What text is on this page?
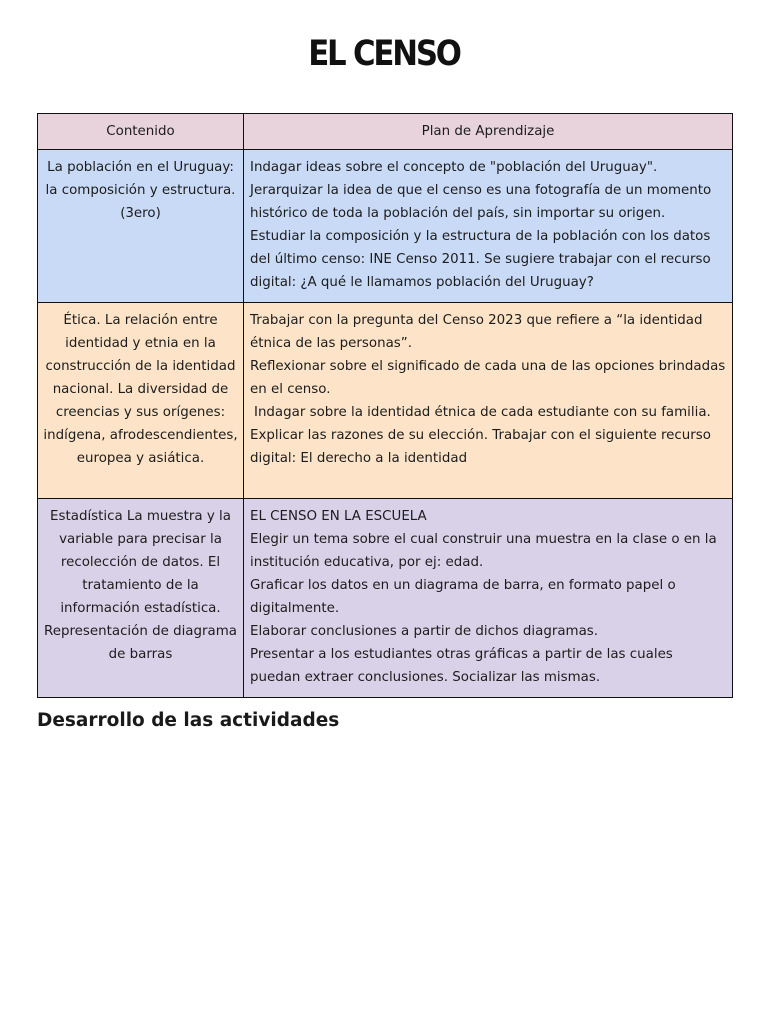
EL CENSO
Contenido	Plan de Aprendizaje
La población en el Uruguay: la composición y estructura. (3ero)	Indagar ideas sobre el concepto de "población del Uruguay".
Jerarquizar la idea de que el censo es una fotografía de un momento histórico de toda la población del país, sin importar su origen.
Estudiar la composición y la estructura de la población con los datos del último censo: INE Censo 2011. Se sugiere trabajar con el recurso digital: ¿A qué le llamamos población del Uruguay?

Ética. La relación entre identidad y etnia en la construcción de la identidad nacional. La diversidad de creencias y sus orígenes: indígena, afrodescendientes, europea y asiática.	Trabajar con la pregunta del Censo 2023 que refiere a “la identidad étnica de las personas”.
Reflexionar sobre el significado de cada una de las opciones brindadas en el censo.
Indagar sobre la identidad étnica de cada estudiante con su familia.
Explicar las razones de su elección. Trabajar con el siguiente recurso digital: El derecho a la identidad

Estadística La muestra y la variable para precisar la recolección de datos. El tratamiento de la información estadística. Representación de diagrama de barras	EL CENSO EN LA ESCUELA
Elegir un tema sobre el cual construir una muestra en la clase o en la institución educativa, por ej: edad.
Graficar los datos en un diagrama de barra, en formato papel o digitalmente.
Elaborar conclusiones a partir de dichos diagramas.
Presentar a los estudiantes otras gráficas a partir de las cuales puedan extraer conclusiones. Socializar las mismas.
Desarrollo de las actividades
